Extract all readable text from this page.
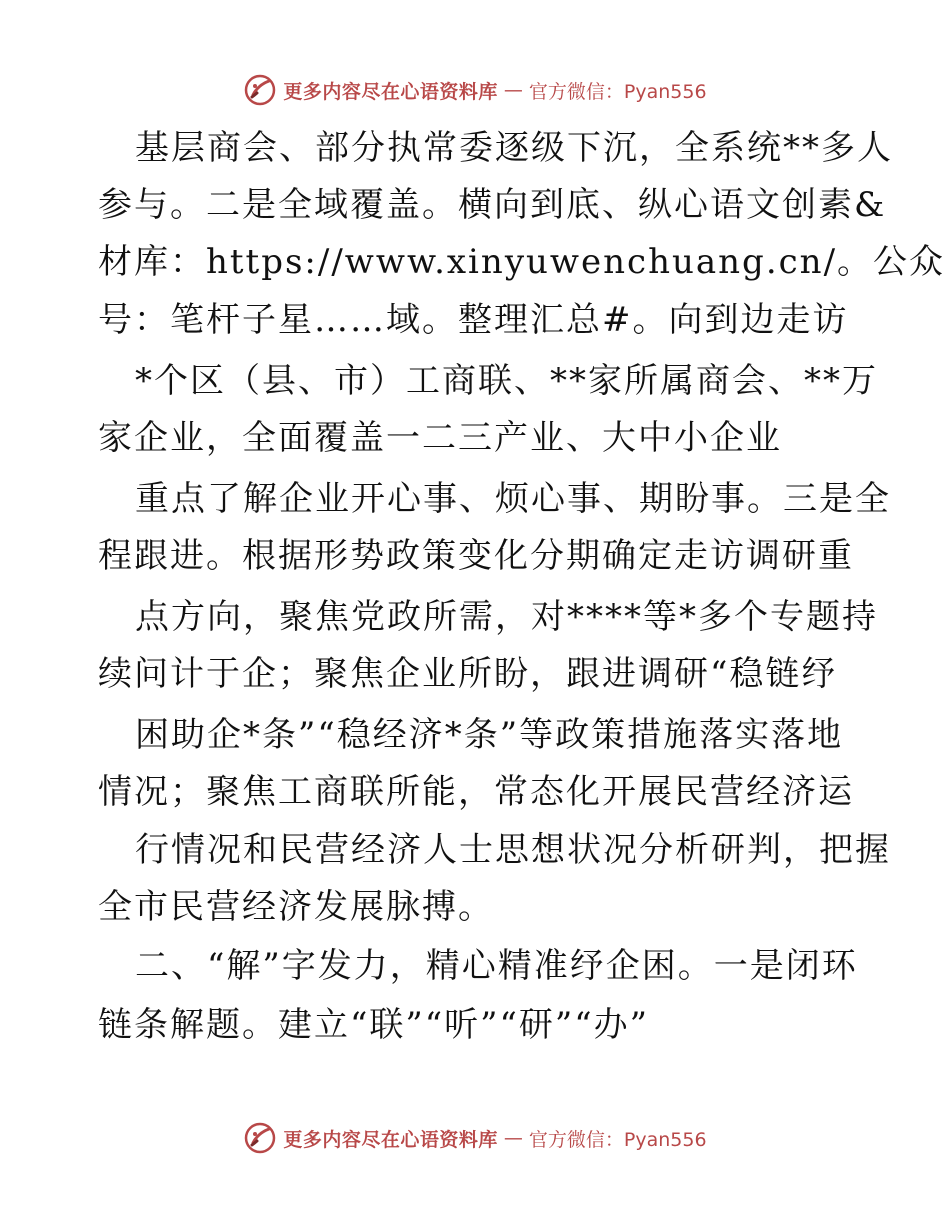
更多内容尽在心语资料库 — 官方微信：Pyan556
基层商会、部分执常委逐级下沉，全系统**多人
参与。二是全域覆盖。横向到底、纵心语文创素&
材库：https://www.xinyuwenchuang.cn/。公众
号：笔杆子星……域。整理汇总#。向到边走访
*个区（县、市）工商联、**家所属商会、**万
家企业，全面覆盖一二三产业、大中小企业
重点了解企业开心事、烦心事、期盼事。三是全
程跟进。根据形势政策变化分期确定走访调研重
点方向，聚焦党政所需，对****等*多个专题持
续问计于企；聚焦企业所盼，跟进调研“稳链纾
困助企*条”“稳经济*条”等政策措施落实落地
情况；聚焦工商联所能，常态化开展民营经济运
行情况和民营经济人士思想状况分析研判，把握
全市民营经济发展脉搏。
二、“解”字发力，精心精准纾企困。一是闭环
链条解题。建立“联”“听”“研”“办”
更多内容尽在心语资料库 — 官方微信：Pyan556
